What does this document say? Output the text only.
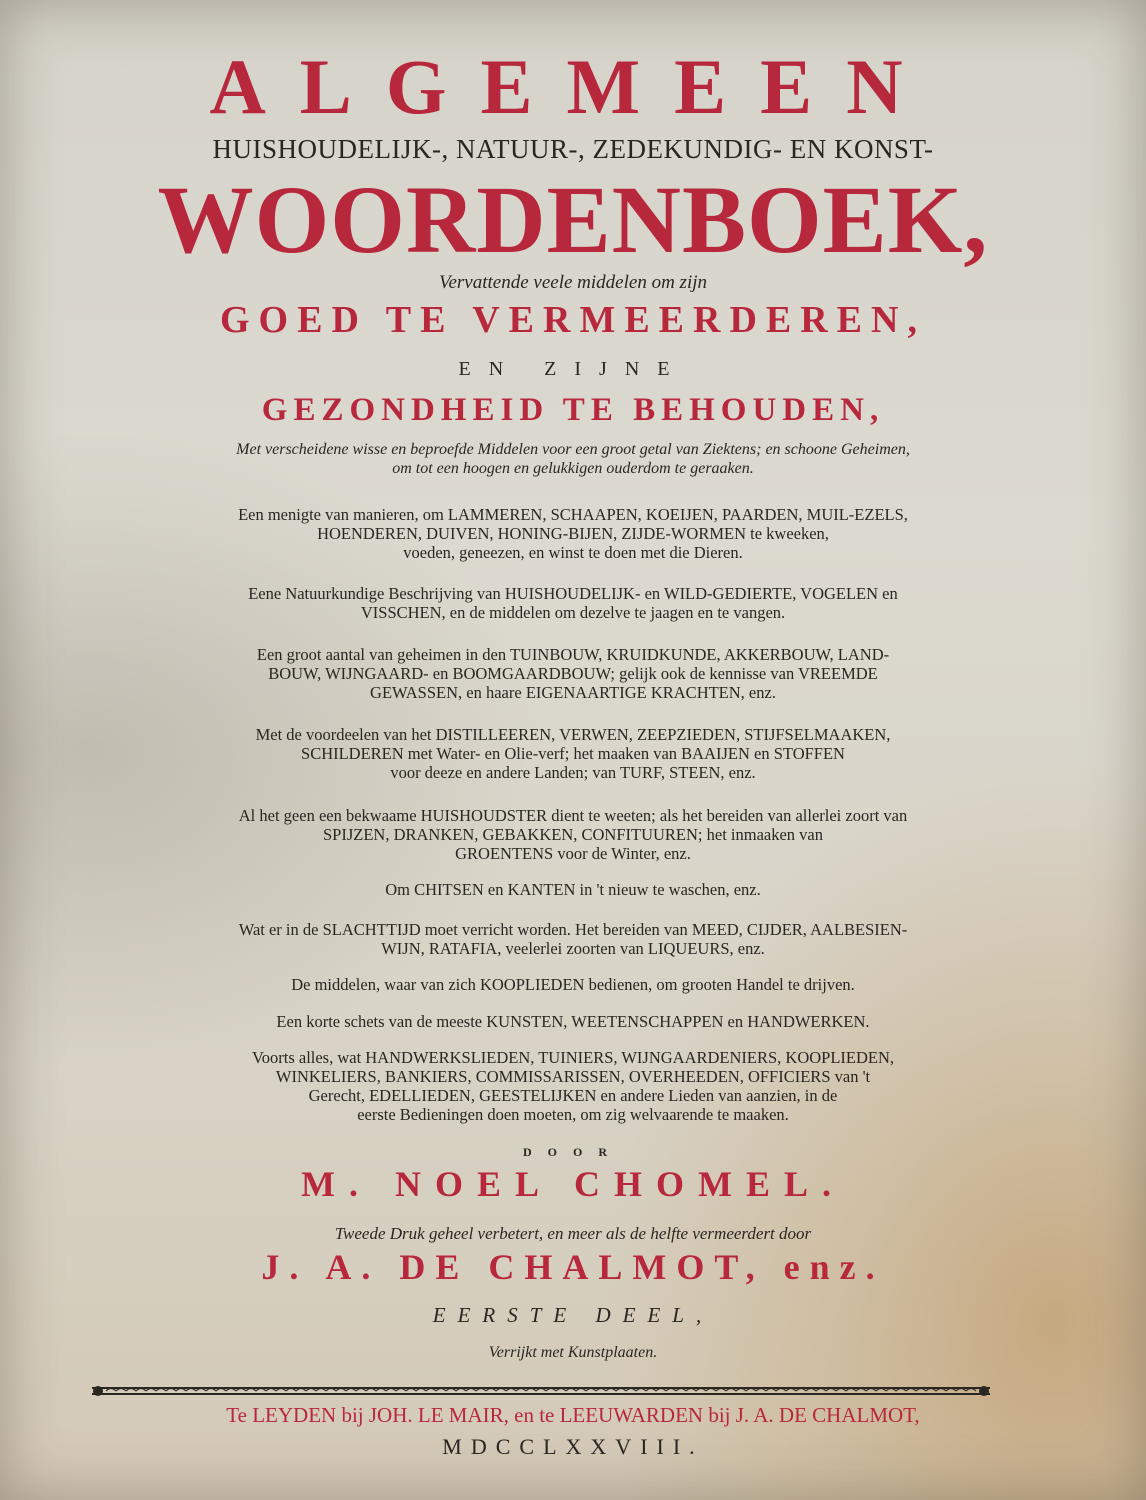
ALGEMEEN
HUISHOUDELIJK-, NATUUR-, ZEDEKUNDIG- EN KONST-
WOORDENBOEK,
Vervattende veele middelen om zijn
GOED TE VERMEERDEREN,
EN ZIJNE
GEZONDHEID TE BEHOUDEN,
Met verscheidene wisse en beproefde Middelen voor een groot getal van Ziektens; en schoone Geheimen,
om tot een hoogen en gelukkigen ouderdom te geraaken.
Een menigte van manieren, om LAMMEREN, SCHAAPEN, KOEIJEN, PAARDEN, MUIL-EZELS,
HOENDEREN, DUIVEN, HONING-BIJEN, ZIJDE-WORMEN te kweeken,
voeden, geneezen, en winst te doen met die Dieren.
Eene Natuurkundige Beschrijving van HUISHOUDELIJK- en WILD-GEDIERTE, VOGELEN en
VISSCHEN, en de middelen om dezelve te jaagen en te vangen.
Een groot aantal van geheimen in den TUINBOUW, KRUIDKUNDE, AKKERBOUW, LAND-
BOUW, WIJNGAARD- en BOOMGAARDBOUW; gelijk ook de kennisse van VREEMDE
GEWASSEN, en haare EIGENAARTIGE KRACHTEN, enz.
Met de voordeelen van het DISTILLEEREN, VERWEN, ZEEPZIEDEN, STIJFSELMAAKEN,
SCHILDEREN met Water- en Olie-verf; het maaken van BAAIJEN en STOFFEN
voor deeze en andere Landen; van TURF, STEEN, enz.
Al het geen een bekwaame HUISHOUDSTER dient te weeten; als het bereiden van allerlei zoort van
SPIJZEN, DRANKEN, GEBAKKEN, CONFITUUREN; het inmaaken van
GROENTENS voor de Winter, enz.
Om CHITSEN en KANTEN in 't nieuw te waschen, enz.
Wat er in de SLACHTTIJD moet verricht worden. Het bereiden van MEED, CIJDER, AALBESIEN-
WIJN, RATAFIA, veelerlei zoorten van LIQUEURS, enz.
De middelen, waar van zich KOOPLIEDEN bedienen, om grooten Handel te drijven.
Een korte schets van de meeste KUNSTEN, WEETENSCHAPPEN en HANDWERKEN.
Voorts alles, wat HANDWERKSLIEDEN, TUINIERS, WIJNGAARDENIERS, KOOPLIEDEN,
WINKELIERS, BANKIERS, COMMISSARISSEN, OVERHEEDEN, OFFICIERS van 't
Gerecht, EDELLIEDEN, GEESTELIJKEN en andere Lieden van aanzien, in de
eerste Bedieningen doen moeten, om zig welvaarende te maaken.
DOOR
M. NOEL CHOMEL.
Tweede Druk geheel verbetert, en meer als de helfte vermeerdert door
J. A. DE CHALMOT, enz.
EERSTE DEEL,
Verrijkt met Kunstplaaten.
Te LEYDEN bij JOH. LE MAIR, en te LEEUWARDEN bij J. A. DE CHALMOT,
MDCCLXXVIII.
